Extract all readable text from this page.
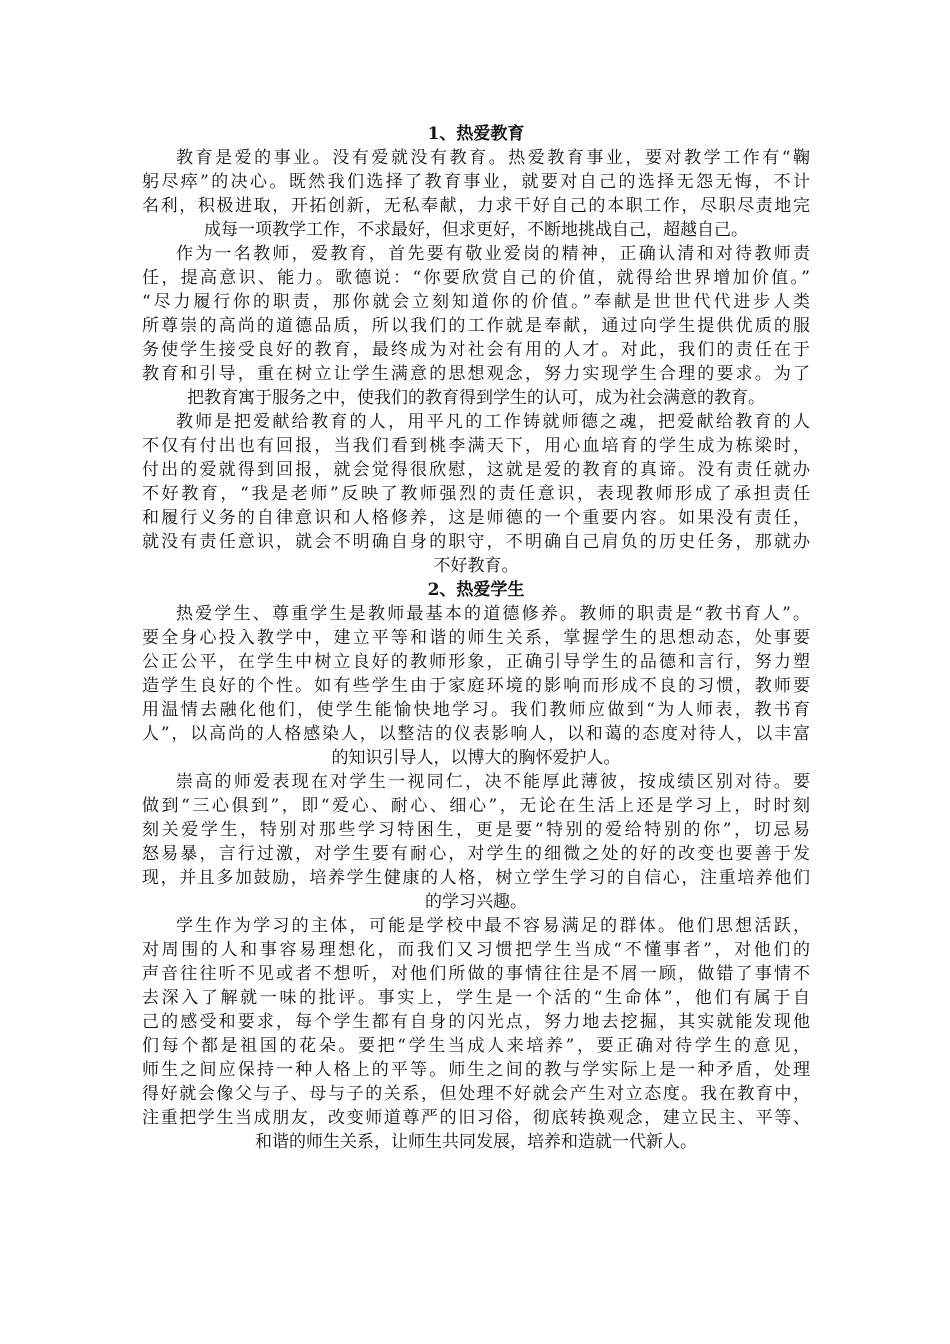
1、热爱教育
教育是爱的事业。没有爱就没有教育。热爱教育事业，要对教学工作有“鞠
躬尽瘁”的决心。既然我们选择了教育事业，就要对自己的选择无怨无悔，不计
名利，积极进取，开拓创新，无私奉献，力求干好自己的本职工作，尽职尽责地完
成每一项教学工作，不求最好，但求更好，不断地挑战自己，超越自己。
作为一名教师，爱教育，首先要有敬业爱岗的精神，正确认清和对待教师责
任，提高意识、能力。歌德说：“你要欣赏自己的价值，就得给世界增加价值。”
“尽力履行你的职责，那你就会立刻知道你的价值。”奉献是世世代代进步人类
所尊崇的高尚的道德品质，所以我们的工作就是奉献，通过向学生提供优质的服
务使学生接受良好的教育，最终成为对社会有用的人才。对此，我们的责任在于
教育和引导，重在树立让学生满意的思想观念，努力实现学生合理的要求。为了
把教育寓于服务之中，使我们的教育得到学生的认可，成为社会满意的教育。
教师是把爱献给教育的人，用平凡的工作铸就师德之魂，把爱献给教育的人
不仅有付出也有回报，当我们看到桃李满天下，用心血培育的学生成为栋梁时，
付出的爱就得到回报，就会觉得很欣慰，这就是爱的教育的真谛。没有责任就办
不好教育，“我是老师”反映了教师强烈的责任意识，表现教师形成了承担责任
和履行义务的自律意识和人格修养，这是师德的一个重要内容。如果没有责任，
就没有责任意识，就会不明确自身的职守，不明确自己肩负的历史任务，那就办
不好教育。
2、热爱学生
热爱学生、尊重学生是教师最基本的道德修养。教师的职责是“教书育人”。
要全身心投入教学中，建立平等和谐的师生关系，掌握学生的思想动态，处事要
公正公平，在学生中树立良好的教师形象，正确引导学生的品德和言行，努力塑
造学生良好的个性。如有些学生由于家庭环境的影响而形成不良的习惯，教师要
用温情去融化他们，使学生能愉快地学习。我们教师应做到“为人师表，教书育
人”，以高尚的人格感染人，以整洁的仪表影响人，以和蔼的态度对待人，以丰富
的知识引导人，以博大的胸怀爱护人。
崇高的师爱表现在对学生一视同仁，决不能厚此薄彼，按成绩区别对待。要
做到“三心俱到”，即“爱心、耐心、细心”，无论在生活上还是学习上，时时刻
刻关爱学生，特别对那些学习特困生，更是要“特别的爱给特别的你”，切忌易
怒易暴，言行过激，对学生要有耐心，对学生的细微之处的好的改变也要善于发
现，并且多加鼓励，培养学生健康的人格，树立学生学习的自信心，注重培养他们
的学习兴趣。
学生作为学习的主体，可能是学校中最不容易满足的群体。他们思想活跃，
对周围的人和事容易理想化，而我们又习惯把学生当成“不懂事者”，对他们的
声音往往听不见或者不想听，对他们所做的事情往往是不屑一顾，做错了事情不
去深入了解就一味的批评。事实上，学生是一个活的“生命体”，他们有属于自
己的感受和要求，每个学生都有自身的闪光点，努力地去挖掘，其实就能发现他
们每个都是祖国的花朵。要把“学生当成人来培养”，要正确对待学生的意见，
师生之间应保持一种人格上的平等。师生之间的教与学实际上是一种矛盾，处理
得好就会像父与子、母与子的关系，但处理不好就会产生对立态度。我在教育中，
注重把学生当成朋友，改变师道尊严的旧习俗，彻底转换观念，建立民主、平等、
和谐的师生关系，让师生共同发展，培养和造就一代新人。
